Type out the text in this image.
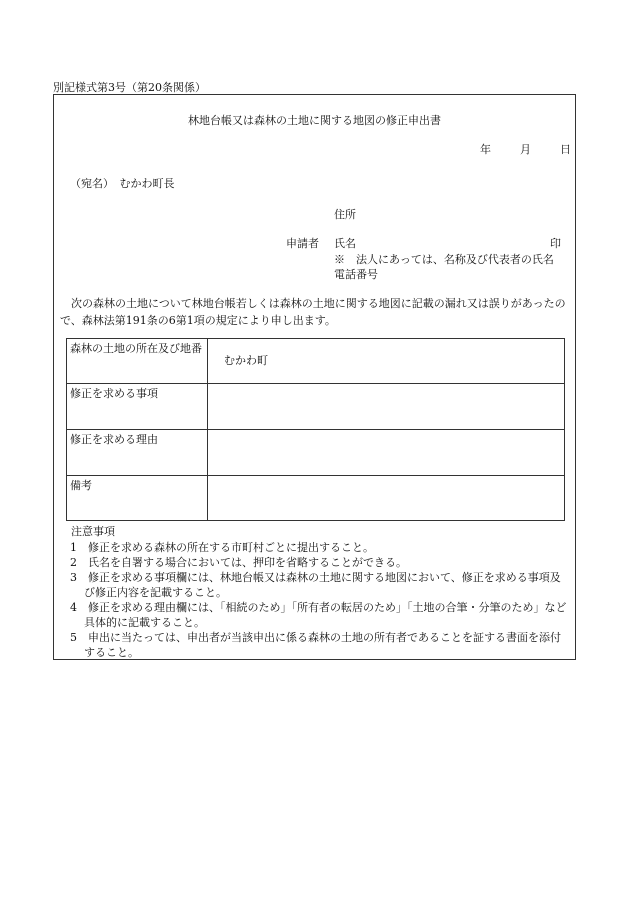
別記様式第3号（第20条関係）
林地台帳又は森林の土地に関する地図の修正申出書
年	月	日
（宛名）　むかわ町長
住所
申請者 氏名	印
※　法人にあっては、名称及び代表者の氏名
電話番号
次の森林の土地について林地台帳若しくは森林の土地に関する地図に記載の漏れ又は誤りがあったので、森林法第191条の6第1項の規定により申し出ます。
森林の土地の所在及び地番	むかわ町
修正を求める事項	
修正を求める理由	
備考	

注意事項

1　修正を求める森林の所在する市町村ごとに提出すること。

2　氏名を自署する場合においては、押印を省略することができる。

3　修正を求める事項欄には、林地台帳又は森林の土地に関する地図において、修正を求める事項及び修正内容を記載すること。

4　修正を求める理由欄には、「相続のため」「所有者の転居のため」「土地の合筆・分筆のため」など具体的に記載すること。

5　申出に当たっては、申出者が当該申出に係る森林の土地の所有者であることを証する書面を添付すること。
